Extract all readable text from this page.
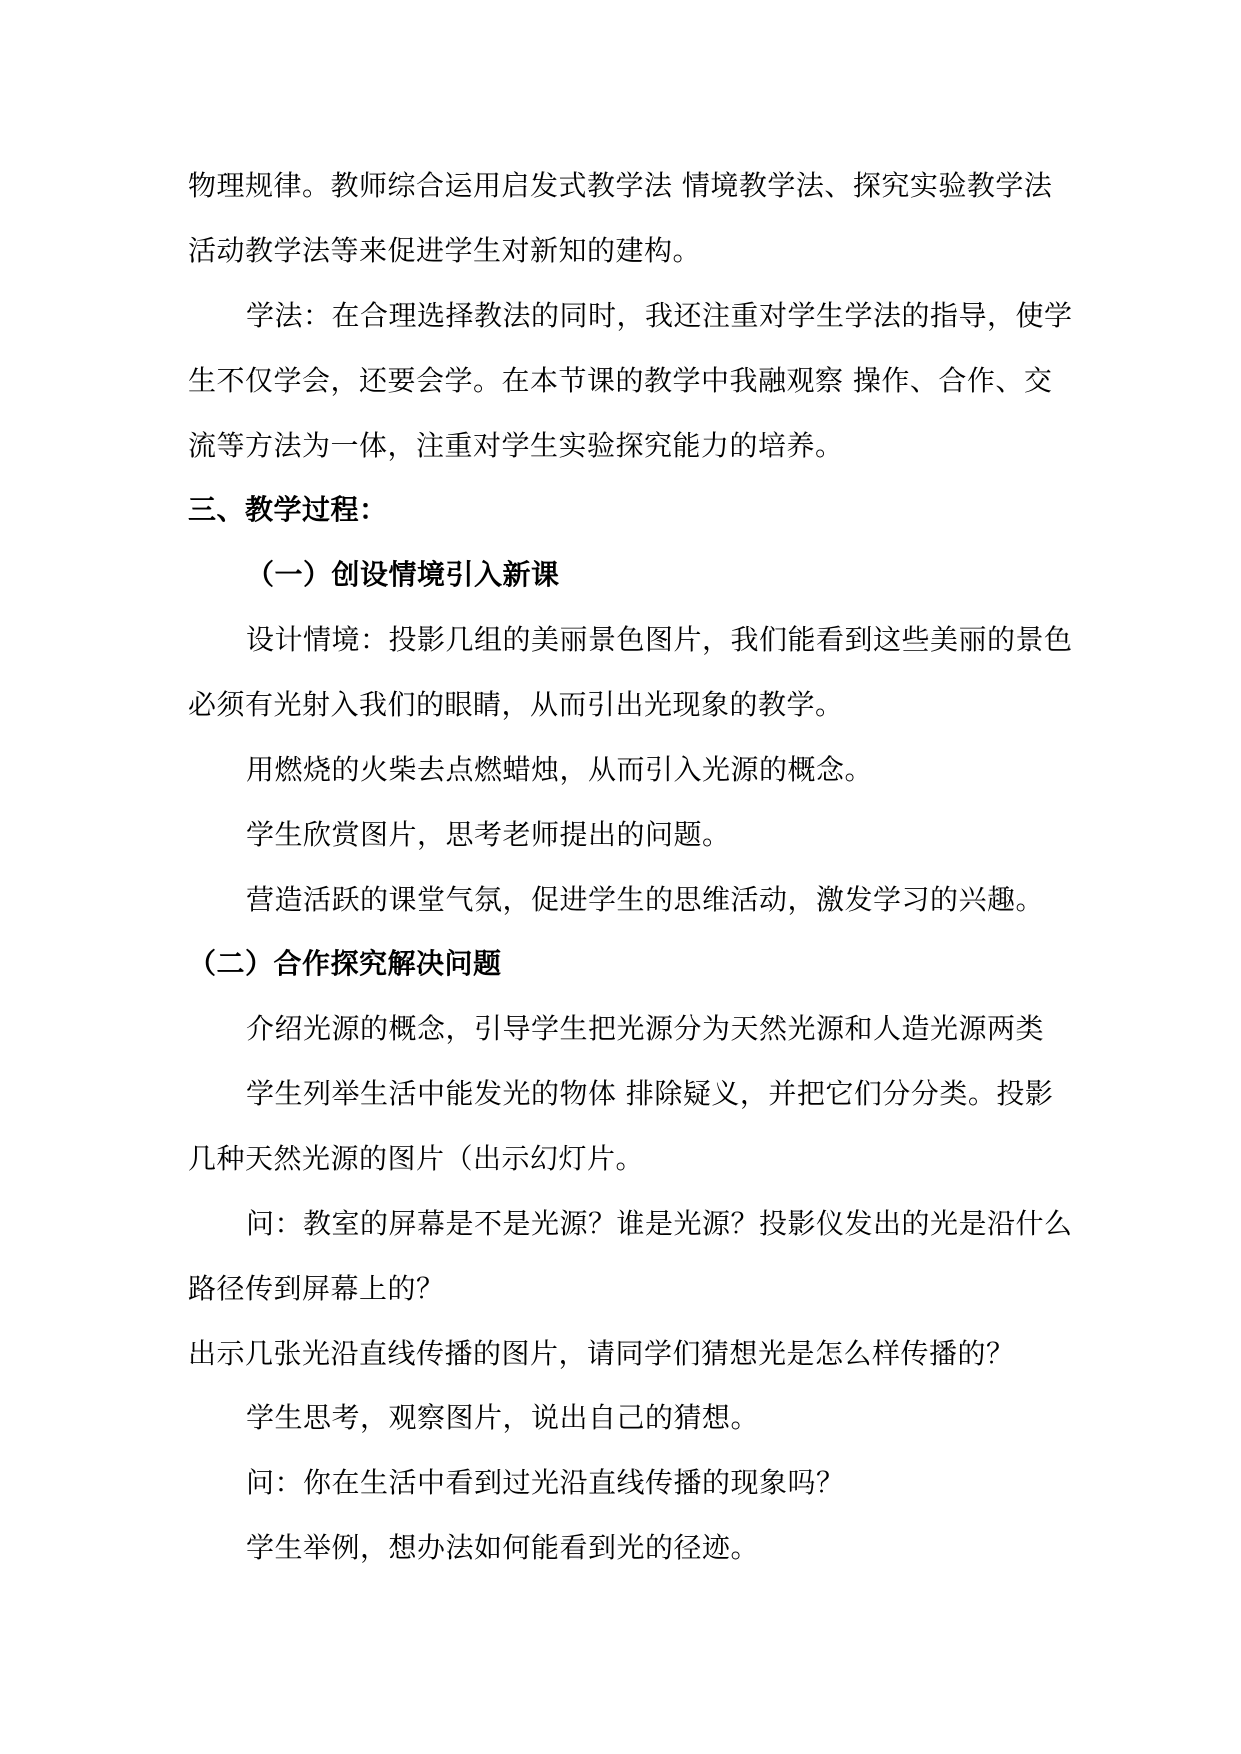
物理规律。教师综合运用启发式教学法 情境教学法、探究实验教学法
活动教学法等来促进学生对新知的建构。
学法：在合理选择教法的同时，我还注重对学生学法的指导，使学
生不仅学会，还要会学。在本节课的教学中我融观察 操作、合作、交
流等方法为一体，注重对学生实验探究能力的培养。
三、教学过程：
（一）创设情境引入新课
设计情境：投影几组的美丽景色图片，我们能看到这些美丽的景色
必须有光射入我们的眼睛，从而引出光现象的教学。
用燃烧的火柴去点燃蜡烛，从而引入光源的概念。
学生欣赏图片，思考老师提出的问题。
营造活跃的课堂气氛，促进学生的思维活动，激发学习的兴趣。
（二）合作探究解决问题
介绍光源的概念，引导学生把光源分为天然光源和人造光源两类
学生列举生活中能发光的物体 排除疑义，并把它们分分类。投影
几种天然光源的图片（出示幻灯片。
问：教室的屏幕是不是光源？谁是光源？投影仪发出的光是沿什么
路径传到屏幕上的？
出示几张光沿直线传播的图片，请同学们猜想光是怎么样传播的？
学生思考，观察图片，说出自己的猜想。
问：你在生活中看到过光沿直线传播的现象吗？
学生举例，想办法如何能看到光的径迹。
